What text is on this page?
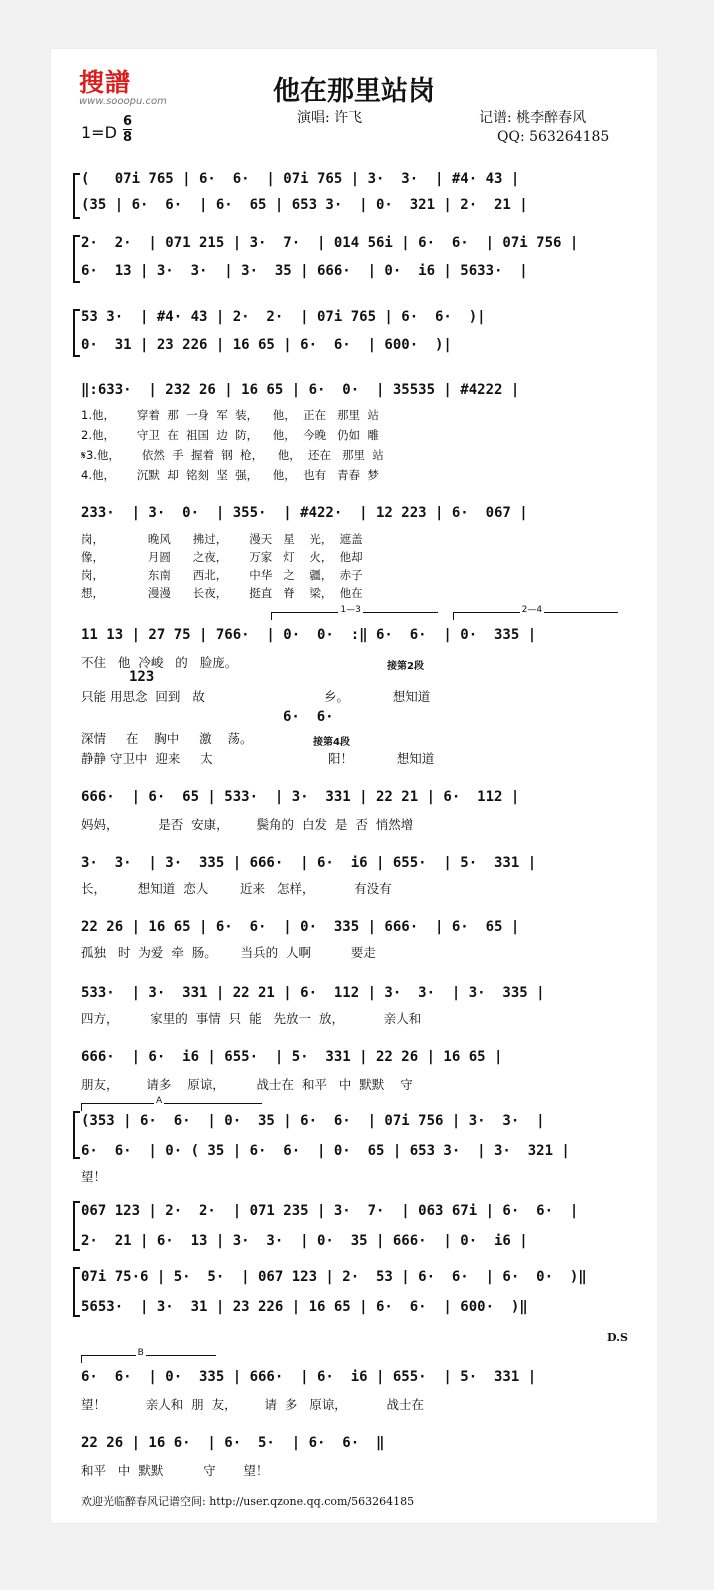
搜譜
www.sooopu.com	他在那里站岗
1=D
6
8
演唱: 许飞	记谱: 桃李醉春风
QQ: 563264185
(   07i 765 | 6·  6·  | 07i 765 | 3·  3·  | #4· 43 |
(35 | 6·  6·  | 6·  65 | 653 3·  | 0·  321 | 2·  21 |
2·  2·  | 071 215 | 3·  7·  | 014 56i | 6·  6·  | 07i 756 |
6·  13 | 3·  3·  | 3·  35 | 666·  | 0·  i6 | 5633·  |
53 3·  | #4· 43 | 2·  2·  | 07i 765 | 6·  6·  )|
0·  31 | 23 226 | 16 65 | 6·  6·  | 600·  )|
‖:633·  | 232 26 | 16 65 | 6·  0·  | 35535 | #4222 |
1.他，      穿着  那  一身  军  装，    他，  正在   那里  站
2.他，      守卫  在  祖国  边  防，    他，  今晚   仍如  雕
𝄋3.他，      依然  手  握着  钢  枪，    他，  还在   那里  站
4.他，      沉默  却  铭刻  坚  强，    他，  也有   青春  梦
233·  | 3·  0·  | 355·  | #422·  | 12 223 | 6·  067 |
岗，            晚风      拂过，      漫天   星    光，  遮盖
像，            月圆      之夜，      万家   灯    火，  他却
岗，            东南      西北，      中华   之    疆，  赤子
想，            漫漫      长夜，      挺直   脊    梁，  他在
1—3	2—4
11 13 | 27 75 | 766·  | 0·  0·  :‖ 6·  6·  | 0·  335 |
不住   他  冷峻   的   脸庞。	接第2段
123
只能 用思念  回到   故                              乡。           想知道
6·  6·
深情     在    胸中     激    荡。	接第4段
静静 守卫中  迎来     太                             阳！           想知道
666·  | 6·  65 | 533·  | 3·  331 | 22 21 | 6·  112 |
妈妈，          是否  安康，       鬓角的  白发  是  否  悄然增
3·  3·  | 3·  335 | 666·  | 6·  i6 | 655·  | 5·  331 |
长，        想知道  恋人        近来   怎样，          有没有
22 26 | 16 65 | 6·  6·  | 0·  335 | 666·  | 6·  65 |
孤独   时  为爱  牵  肠。      当兵的  人啊          要走
533·  | 3·  331 | 22 21 | 6·  112 | 3·  3·  | 3·  335 |
四方，        家里的  事情  只  能   先放一  放，          亲人和
666·  | 6·  i6 | 655·  | 5·  331 | 22 26 | 16 65 |
朋友，       请多    原谅，        战士在  和平   中  默默    守
A
(353 | 6·  6·  | 0·  35 | 6·  6·  | 07i 756 | 3·  3·  |
6·  6·  | 0· ( 35 | 6·  6·  | 0·  65 | 653 3·  | 3·  321 |
望！
067 123 | 2·  2·  | 071 235 | 3·  7·  | 063 67i | 6·  6·  |
2·  21 | 6·  13 | 3·  3·  | 0·  35 | 666·  | 0·  i6 |
07i 75·6 | 5·  5·  | 067 123 | 2·  53 | 6·  6·  | 6·  0·  )‖
5653·  | 3·  31 | 23 226 | 16 65 | 6·  6·  | 600·  )‖
D.S
B
6·  6·  | 0·  335 | 666·  | 6·  i6 | 655·  | 5·  331 |
望！          亲人和  朋  友，       请  多   原谅，          战士在
22 26 | 16 6·  | 6·  5·  | 6·  6·  ‖
和平   中  默默          守       望！
欢迎光临醉春风记谱空间: http://user.qzone.qq.com/563264185
